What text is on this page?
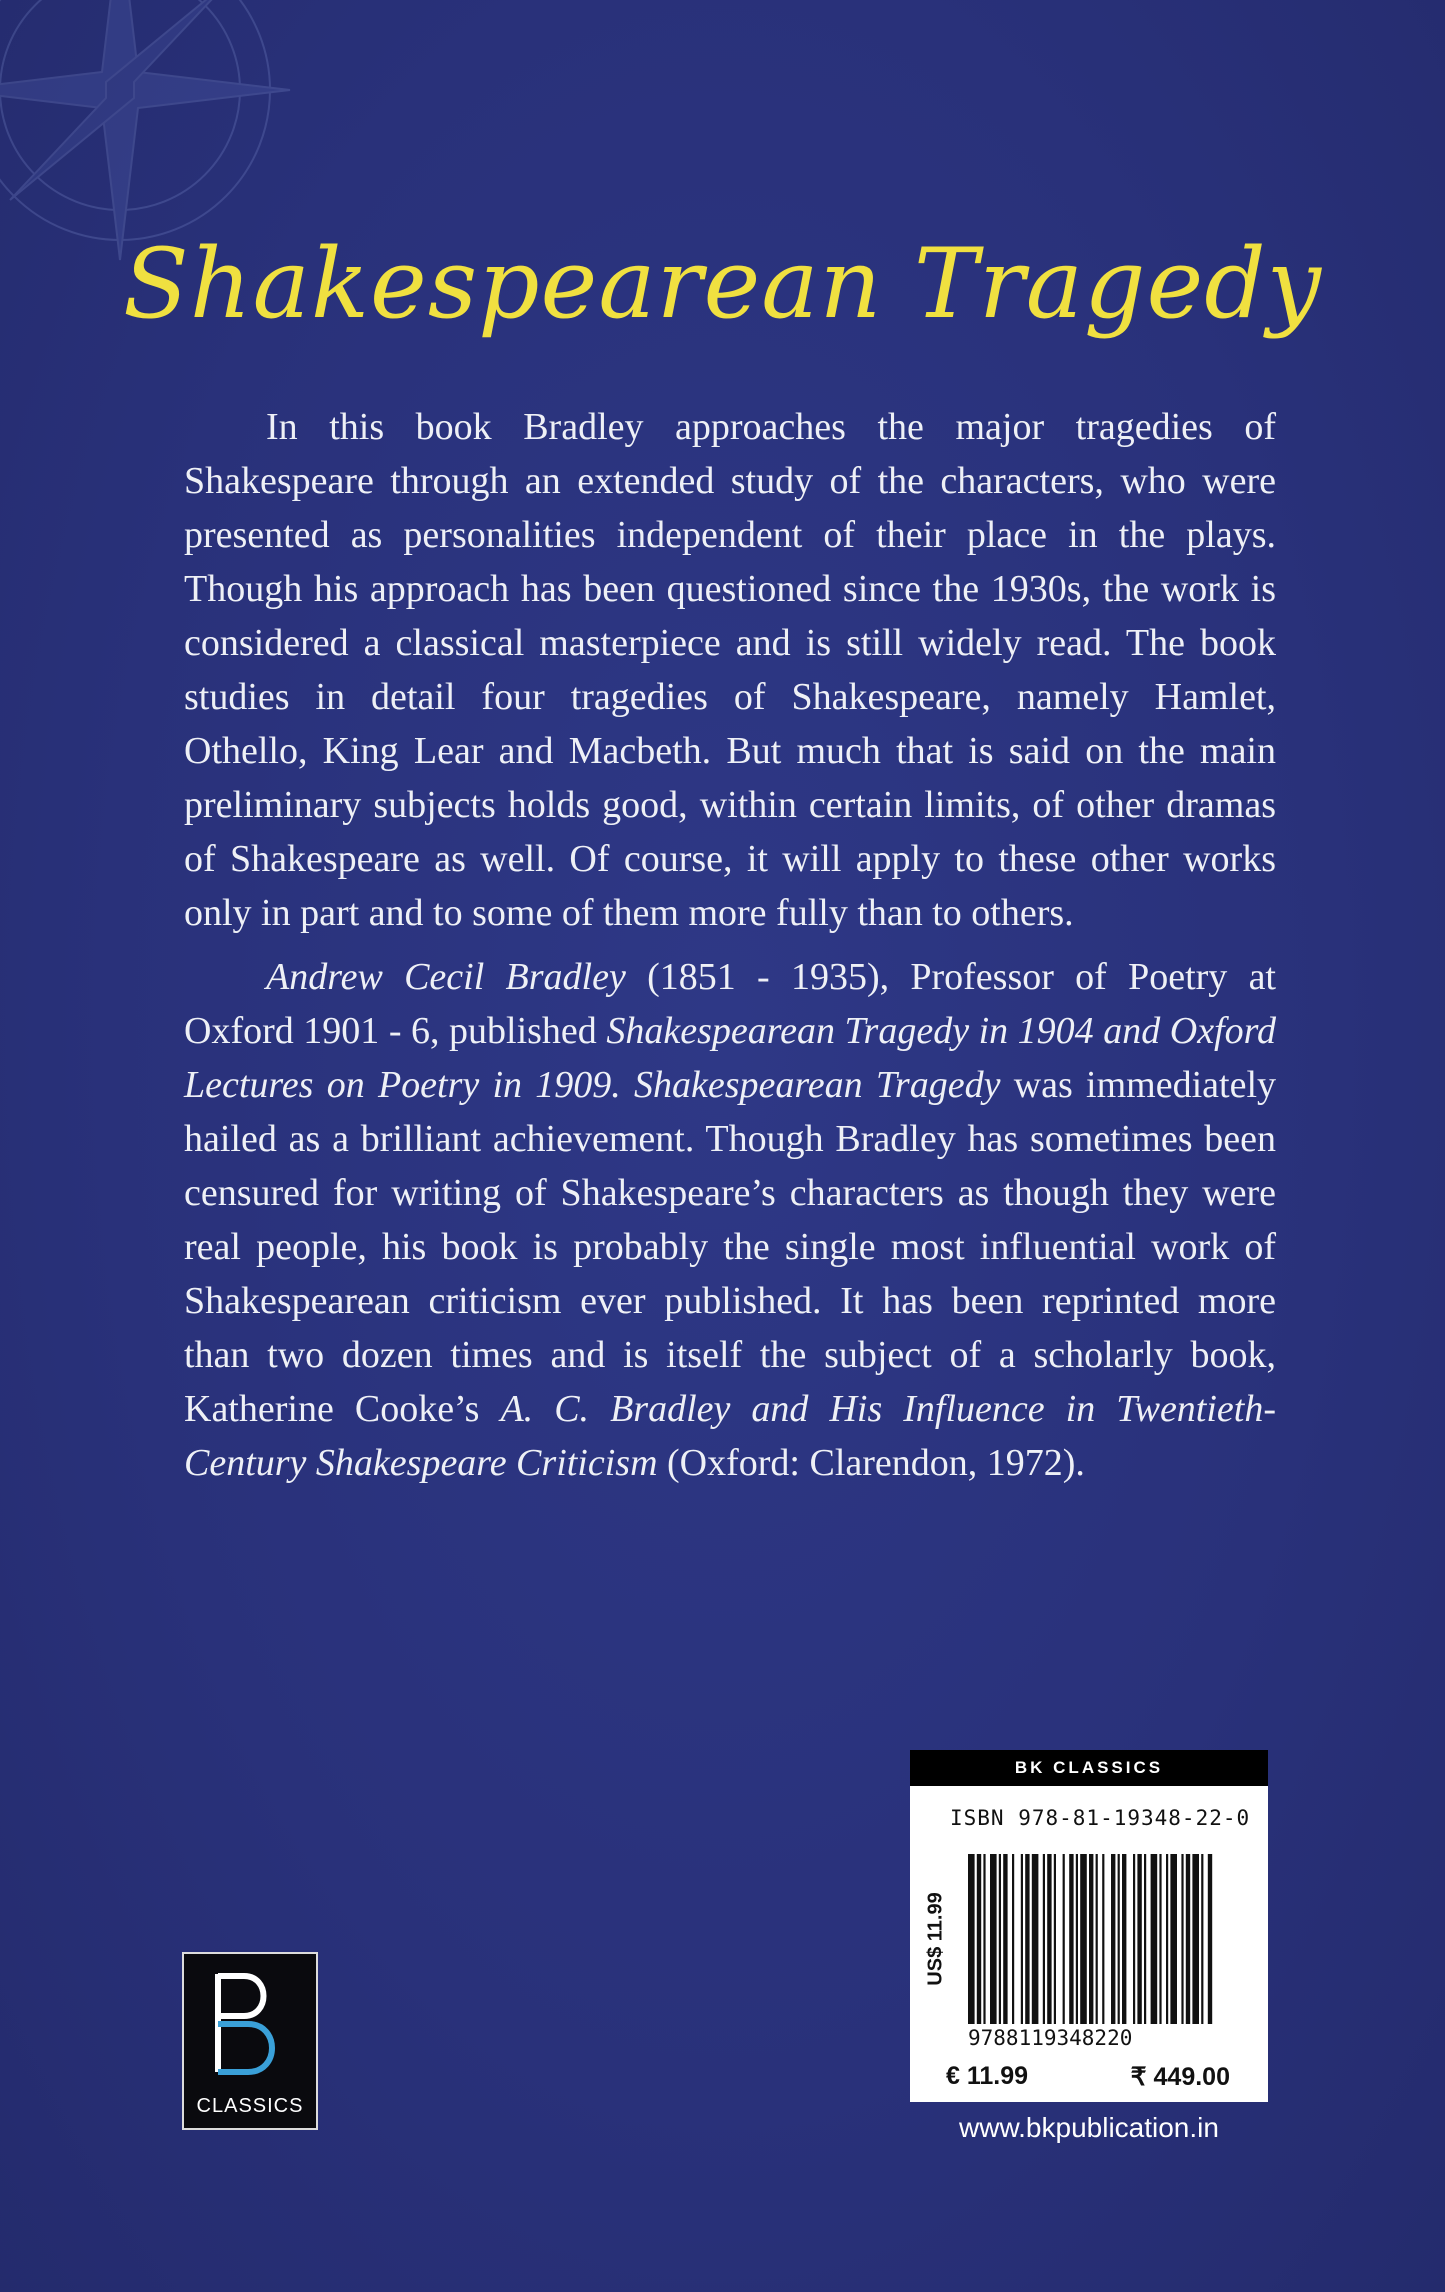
Shakespearean Tragedy

In this book Bradley approaches the major tragedies of Shakespeare through an extended study of the characters, who were presented as personalities independent of their place in the plays. Though his approach has been questioned since the 1930s, the work is considered a classical masterpiece and is still widely read. The book studies in detail four tragedies of Shakespeare, namely Hamlet, Othello, King Lear and Macbeth. But much that is said on the main preliminary subjects holds good, within certain limits, of other dramas of Shakespeare as well. Of course, it will apply to these other works only in part and to some of them more fully than to others.

Andrew Cecil Bradley (1851 - 1935), Professor of Poetry at Oxford 1901 - 6, published Shakespearean Tragedy in 1904 and Oxford Lectures on Poetry in 1909. Shakespearean Tragedy was immediately hailed as a brilliant achievement. Though Bradley has sometimes been censured for writing of Shakespeare’s characters as though they were real people, his book is probably the single most influential work of Shakespearean criticism ever published. It has been reprinted more than two dozen times and is itself the subject of a scholarly book, Katherine Cooke’s A. C. Bradley and His Influence in Twentieth-Century Shakespeare Criticism (Oxford: Clarendon, 1972).

CLASSICS
BK CLASSICS
ISBN 978-81-19348-22-0
US$ 11.99
9788119348220
€ 11.99	₹ 449.00
www.bkpublication.in
